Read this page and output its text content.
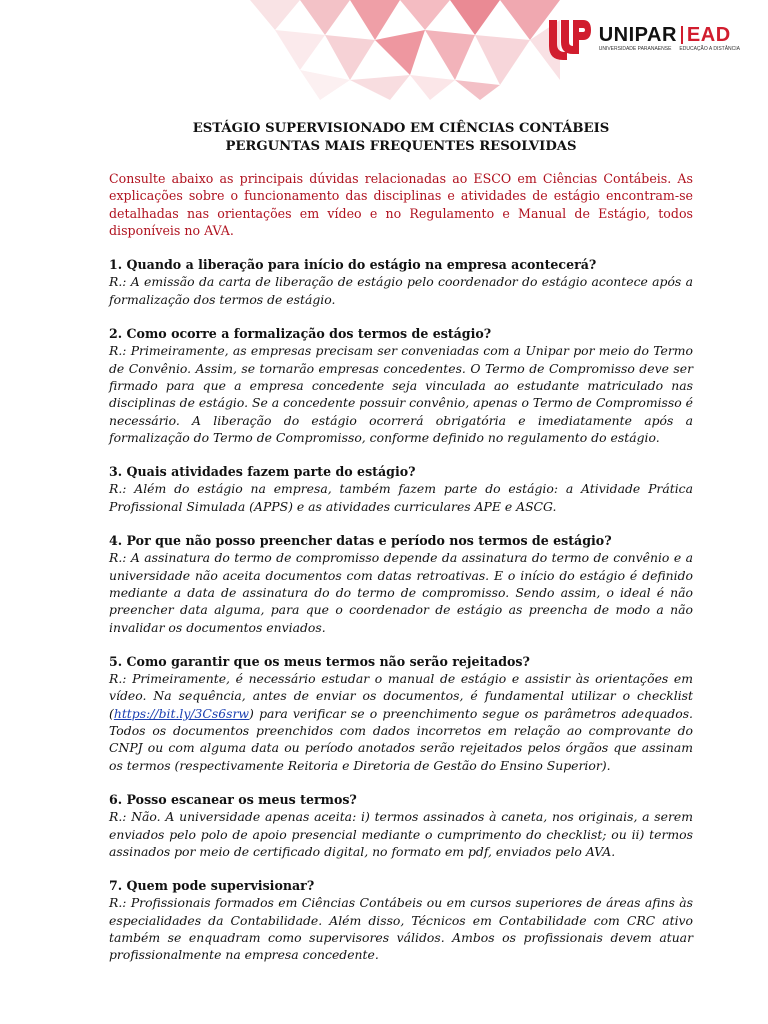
UNIPAR EAD
UNIVERSIDADE PARANAENSE EDUCAÇÃO A DISTÂNCIA

ESTÁGIO SUPERVISIONADO EM CIÊNCIAS CONTÁBEIS
PERGUNTAS MAIS FREQUENTES RESOLVIDAS

Consulte abaixo as principais dúvidas relacionadas ao ESCO em Ciências Contábeis. As explicações sobre o funcionamento das disciplinas e atividades de estágio encontram-se detalhadas nas orientações em vídeo e no Regulamento e Manual de Estágio, todos disponíveis no AVA.

1. Quando a liberação para início do estágio na empresa acontecerá?

R.: A emissão da carta de liberação de estágio pelo coordenador do estágio acontece após a formalização dos termos de estágio.

2. Como ocorre a formalização dos termos de estágio?

R.: Primeiramente, as empresas precisam ser conveniadas com a Unipar por meio do Termo de Convênio. Assim, se tornarão empresas concedentes. O Termo de Compromisso deve ser firmado para que a empresa concedente seja vinculada ao estudante matriculado nas disciplinas de estágio. Se a concedente possuir convênio, apenas o Termo de Compromisso é necessário. A liberação do estágio ocorrerá obrigatória e imediatamente após a formalização do Termo de Compromisso, conforme definido no regulamento do estágio.

3. Quais atividades fazem parte do estágio?

R.: Além do estágio na empresa, também fazem parte do estágio: a Atividade Prática Profissional Simulada (APPS) e as atividades curriculares APE e ASCG.

4. Por que não posso preencher datas e período nos termos de estágio?

R.: A assinatura do termo de compromisso depende da assinatura do termo de convênio e a universidade não aceita documentos com datas retroativas. E o início do estágio é definido mediante a data de assinatura do do termo de compromisso. Sendo assim, o ideal é não preencher data alguma, para que o coordenador de estágio as preencha de modo a não invalidar os documentos enviados.

5. Como garantir que os meus termos não serão rejeitados?

R.: Primeiramente, é necessário estudar o manual de estágio e assistir às orientações em vídeo. Na sequência, antes de enviar os documentos, é fundamental utilizar o checklist (https://bit.ly/3Cs6srw) para verificar se o preenchimento segue os parâmetros adequados. Todos os documentos preenchidos com dados incorretos em relação ao comprovante do CNPJ ou com alguma data ou período anotados serão rejeitados pelos órgãos que assinam os termos (respectivamente Reitoria e Diretoria de Gestão do Ensino Superior).

6. Posso escanear os meus termos?

R.: Não. A universidade apenas aceita: i) termos assinados à caneta, nos originais, a serem enviados pelo polo de apoio presencial mediante o cumprimento do checklist; ou ii) termos assinados por meio de certificado digital, no formato em pdf, enviados pelo AVA.

7. Quem pode supervisionar?

R.: Profissionais formados em Ciências Contábeis ou em cursos superiores de áreas afins às especialidades da Contabilidade. Além disso, Técnicos em Contabilidade com CRC ativo também se enquadram como supervisores válidos. Ambos os profissionais devem atuar profissionalmente na empresa concedente.
